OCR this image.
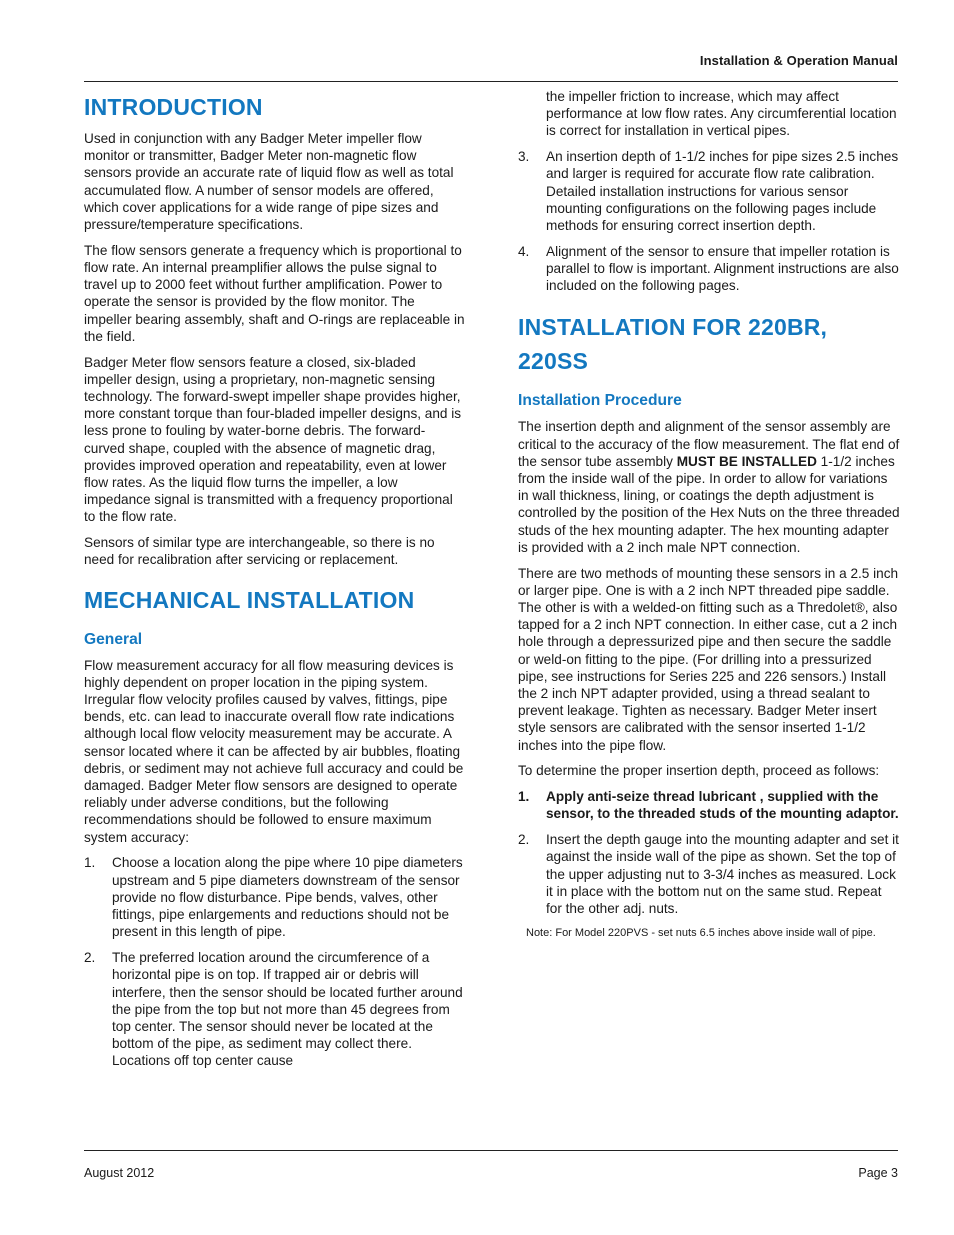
Installation & Operation Manual
INTRODUCTION

Used in conjunction with any Badger Meter impeller flow monitor or transmitter, Badger Meter non-magnetic flow sensors provide an accurate rate of liquid flow as well as total accumulated flow. A number of sensor models are offered, which cover applications for a wide range of pipe sizes and pressure/temperature specifications.

The flow sensors generate a frequency which is proportional to flow rate. An internal preamplifier allows the pulse signal to travel up to 2000 feet without further amplification. Power to operate the sensor is provided by the flow monitor. The impeller bearing assembly, shaft and O-rings are replaceable in the field.

Badger Meter flow sensors feature a closed, six-bladed impeller design, using a proprietary, non-magnetic sensing technology. The forward-swept impeller shape provides higher, more constant torque than four-bladed impeller designs, and is less prone to fouling by water-borne debris. The forward-curved shape, coupled with the absence of magnetic drag, provides improved operation and repeatability, even at lower flow rates. As the liquid flow turns the impeller, a low impedance signal is transmitted with a frequency proportional to the flow rate.

Sensors of similar type are interchangeable, so there is no need for recalibration after servicing or replacement.

MECHANICAL INSTALLATION
General

Flow measurement accuracy for all flow measuring devices is highly dependent on proper location in the piping system. Irregular flow velocity profiles caused by valves, fittings, pipe bends, etc. can lead to inaccurate overall flow rate indications although local flow velocity measurement may be accurate. A sensor located where it can be affected by air bubbles, floating debris, or sediment may not achieve full accuracy and could be damaged. Badger Meter flow sensors are designed to operate reliably under adverse conditions, but the following recommendations should be followed to ensure maximum system accuracy:

1. Choose a location along the pipe where 10 pipe diameters upstream and 5 pipe diameters downstream of the sensor provide no flow disturbance. Pipe bends, valves, other fittings, pipe enlargements and reductions should not be present in this length of pipe.
2. The preferred location around the circumference of a horizontal pipe is on top. If trapped air or debris will interfere, then the sensor should be located further around the pipe from the top but not more than 45 degrees from top center. The sensor should never be located at the bottom of the pipe, as sediment may collect there. Locations off top center cause
the impeller friction to increase, which may affect performance at low flow rates. Any circumferential location is correct for installation in vertical pipes.
3. An insertion depth of 1-1/2 inches for pipe sizes 2.5 inches and larger is required for accurate flow rate calibration. Detailed installation instructions for various sensor mounting configurations on the following pages include methods for ensuring correct insertion depth.
4. Alignment of the sensor to ensure that impeller rotation is parallel to flow is important. Alignment instructions are also included on the following pages.
INSTALLATION FOR 220BR, 220SS
Installation Procedure

The insertion depth and alignment of the sensor assembly are critical to the accuracy of the flow measurement. The flat end of the sensor tube assembly MUST BE INSTALLED 1-1/2 inches from the inside wall of the pipe. In order to allow for variations in wall thickness, lining, or coatings the depth adjustment is controlled by the position of the Hex Nuts on the three threaded studs of the hex mounting adapter. The hex mounting adapter is provided with a 2 inch male NPT connection.

There are two methods of mounting these sensors in a 2.5 inch or larger pipe. One is with a 2 inch NPT threaded pipe saddle. The other is with a welded-on fitting such as a Thredolet®, also tapped for a 2 inch NPT connection. In either case, cut a 2 inch hole through a depressurized pipe and then secure the saddle or weld-on fitting to the pipe. (For drilling into a pressurized pipe, see instructions for Series 225 and 226 sensors.) Install the 2 inch NPT adapter provided, using a thread sealant to prevent leakage. Tighten as necessary. Badger Meter insert style sensors are calibrated with the sensor inserted 1-1/2 inches into the pipe flow.

To determine the proper insertion depth, proceed as follows:

1. Apply anti-seize thread lubricant , supplied with the sensor, to the threaded studs of the mounting adaptor.
2. Insert the depth gauge into the mounting adapter and set it against the inside wall of the pipe as shown. Set the top of the upper adjusting nut to 3-3/4 inches as measured. Lock it in place with the bottom nut on the same stud. Repeat for the other adj. nuts.
Note: For Model 220PVS - set nuts 6.5 inches above inside wall of pipe.
August 2012	Page 3
